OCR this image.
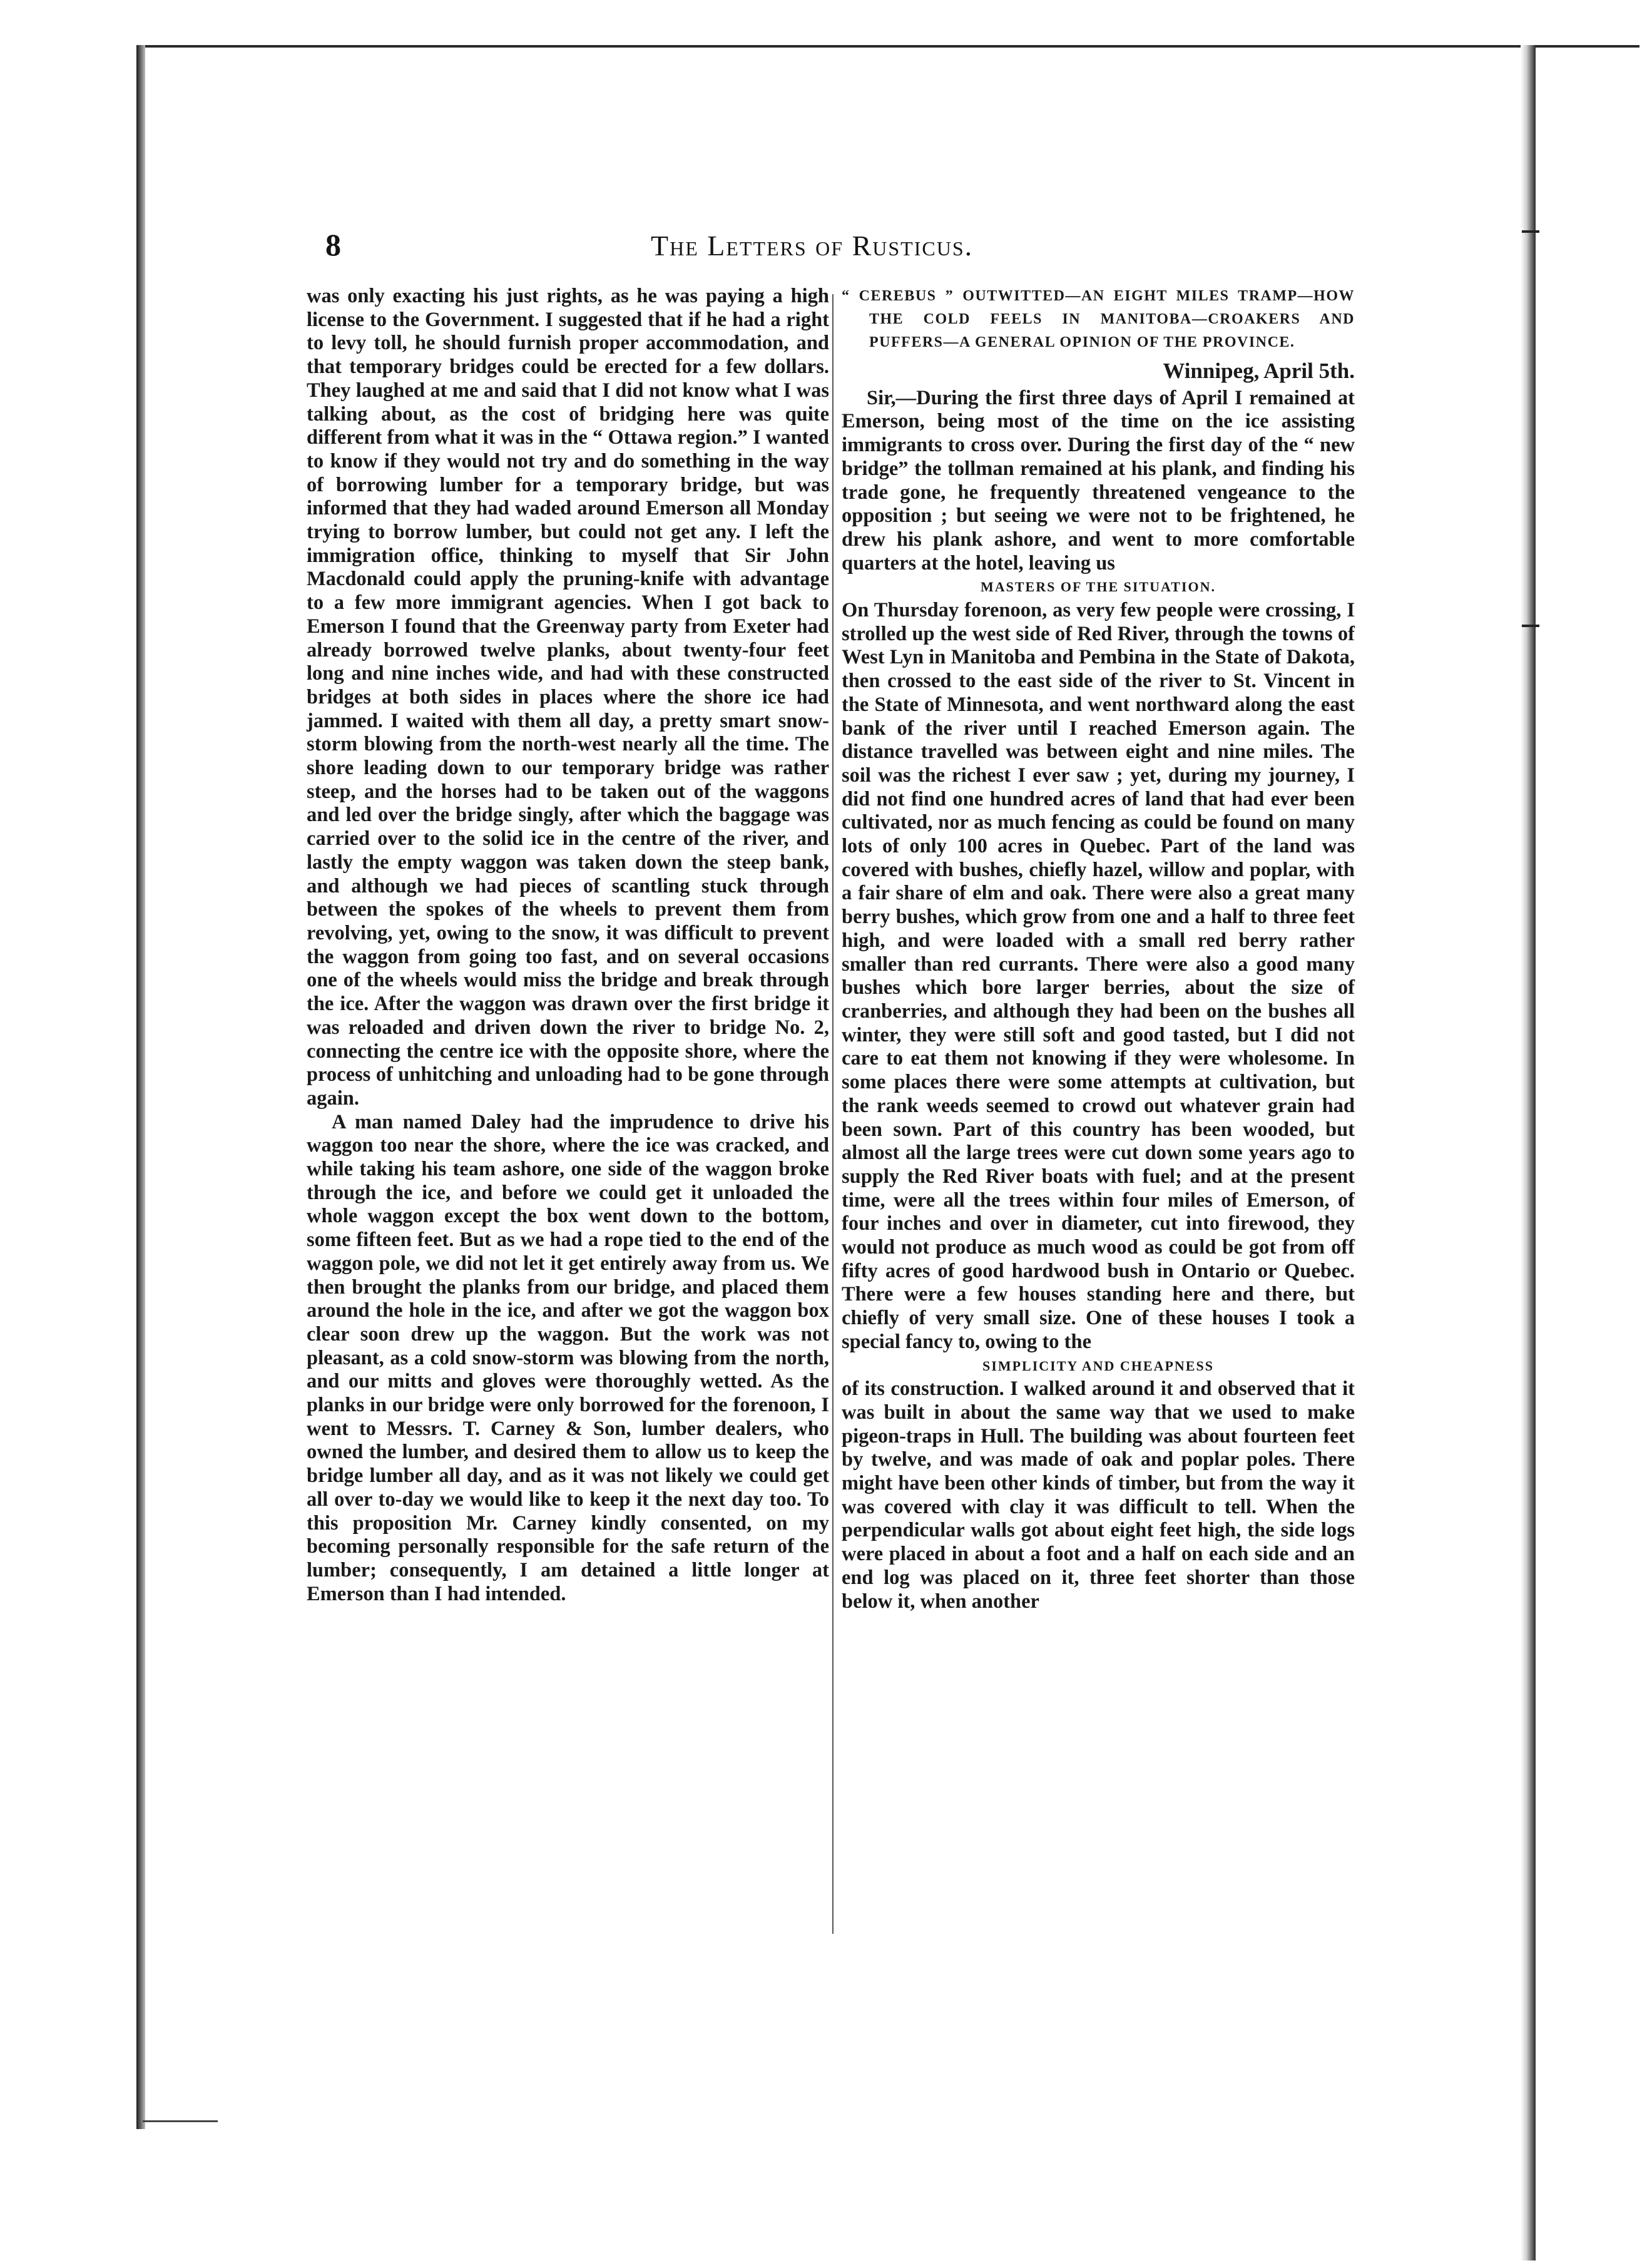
8	The Letters of Rusticus.

was only exacting his just rights, as he was paying a high license to the Government. I suggested that if he had a right to levy toll, he should furnish proper accommodation, and that temporary bridges could be erected for a few dollars. They laughed at me and said that I did not know what I was talking about, as the cost of bridging here was quite different from what it was in the “ Ottawa region.” I wanted to know if they would not try and do something in the way of borrowing lumber for a temporary bridge, but was informed that they had waded around Emerson all Monday trying to borrow lumber, but could not get any. I left the immigration office, thinking to myself that Sir John Macdonald could apply the pruning-knife with advantage to a few more immigrant agencies. When I got back to Emerson I found that the Greenway party from Exeter had already borrowed twelve planks, about twenty-four feet long and nine inches wide, and had with these constructed bridges at both sides in places where the shore ice had jammed. I waited with them all day, a pretty smart snow-storm blowing from the north-west nearly all the time. The shore leading down to our temporary bridge was rather steep, and the horses had to be taken out of the waggons and led over the bridge singly, after which the baggage was carried over to the solid ice in the centre of the river, and lastly the empty waggon was taken down the steep bank, and although we had pieces of scantling stuck through between the spokes of the wheels to prevent them from revolving, yet, owing to the snow, it was difficult to prevent the waggon from going too fast, and on several occasions one of the wheels would miss the bridge and break through the ice. After the waggon was drawn over the first bridge it was reloaded and driven down the river to bridge No. 2, connecting the centre ice with the opposite shore, where the process of unhitching and unloading had to be gone through again.

A man named Daley had the imprudence to drive his waggon too near the shore, where the ice was cracked, and while taking his team ashore, one side of the waggon broke through the ice, and before we could get it unloaded the whole waggon except the box went down to the bottom, some fifteen feet. But as we had a rope tied to the end of the waggon pole, we did not let it get entirely away from us. We then brought the planks from our bridge, and placed them around the hole in the ice, and after we got the waggon box clear soon drew up the waggon. But the work was not pleasant, as a cold snow-storm was blowing from the north, and our mitts and gloves were thoroughly wetted. As the planks in our bridge were only borrowed for the forenoon, I went to Messrs. T. Carney & Son, lumber dealers, who owned the lumber, and desired them to allow us to keep the bridge lumber all day, and as it was not likely we could get all over to-day we would like to keep it the next day too. To this proposition Mr. Carney kindly consented, on my becoming personally responsible for the safe return of the lumber; consequently, I am detained a little longer at Emerson than I had intended.

“ CEREBUS ” OUTWITTED—AN EIGHT MILES TRAMP—HOW THE COLD FEELS IN MANITOBA—CROAKERS AND PUFFERS—A GENERAL OPINION OF THE PROVINCE.

Winnipeg, April 5th.

Sir,—During the first three days of April I remained at Emerson, being most of the time on the ice assisting immigrants to cross over. During the first day of the “ new bridge” the tollman remained at his plank, and finding his trade gone, he frequently threatened vengeance to the opposition ; but seeing we were not to be frightened, he drew his plank ashore, and went to more comfortable quarters at the hotel, leaving us

MASTERS OF THE SITUATION.

On Thursday forenoon, as very few people were crossing, I strolled up the west side of Red River, through the towns of West Lyn in Manitoba and Pembina in the State of Dakota, then crossed to the east side of the river to St. Vincent in the State of Minnesota, and went northward along the east bank of the river until I reached Emerson again. The distance travelled was between eight and nine miles. The soil was the richest I ever saw ; yet, during my journey, I did not find one hundred acres of land that had ever been cultivated, nor as much fencing as could be found on many lots of only 100 acres in Quebec. Part of the land was covered with bushes, chiefly hazel, willow and poplar, with a fair share of elm and oak. There were also a great many berry bushes, which grow from one and a half to three feet high, and were loaded with a small red berry rather smaller than red currants. There were also a good many bushes which bore larger berries, about the size of cranberries, and although they had been on the bushes all winter, they were still soft and good tasted, but I did not care to eat them not knowing if they were wholesome. In some places there were some attempts at cultivation, but the rank weeds seemed to crowd out whatever grain had been sown. Part of this country has been wooded, but almost all the large trees were cut down some years ago to supply the Red River boats with fuel; and at the present time, were all the trees within four miles of Emerson, of four inches and over in diameter, cut into firewood, they would not produce as much wood as could be got from off fifty acres of good hardwood bush in Ontario or Quebec. There were a few houses standing here and there, but chiefly of very small size. One of these houses I took a special fancy to, owing to the

SIMPLICITY AND CHEAPNESS

of its construction. I walked around it and observed that it was built in about the same way that we used to make pigeon-traps in Hull. The building was about fourteen feet by twelve, and was made of oak and poplar poles. There might have been other kinds of timber, but from the way it was covered with clay it was difficult to tell. When the perpendicular walls got about eight feet high, the side logs were placed in about a foot and a half on each side and an end log was placed on it, three feet shorter than those below it, when another
